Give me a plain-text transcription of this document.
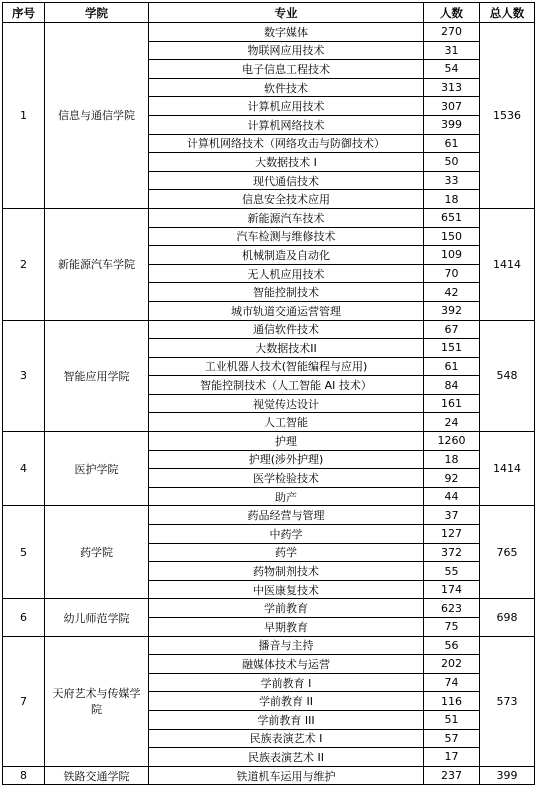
序号	学院	专业	人数	总人数
1	信息与通信学院	数字媒体	270	1536
		物联网应用技术	31	
		电子信息工程技术	54	
		软件技术	313	
		计算机应用技术	307	
		计算机网络技术	399	
		计算机网络技术（网络攻击与防御技术）	61	
		大数据技术 I	50	
		现代通信技术	33	
		信息安全技术应用	18	
2	新能源汽车学院	新能源汽车技术	651	1414
		汽车检测与维修技术	150	
		机械制造及自动化	109	
		无人机应用技术	70	
		智能控制技术	42	
		城市轨道交通运营管理	392	
3	智能应用学院	通信软件技术	67	548
		大数据技术II	151	
		工业机器人技术(智能编程与应用)	61	
		智能控制技术（人工智能 AI 技术）	84	
		视觉传达设计	161	
		人工智能	24	
4	医护学院	护理	1260	1414
		护理(涉外护理)	18	
		医学检验技术	92	
		助产	44	
5	药学院	药品经营与管理	37	765
		中药学	127	
		药学	372	
		药物制剂技术	55	
		中医康复技术	174	
6	幼儿师范学院	学前教育	623	698
		早期教育	75	
7	天府艺术与传媒学院	播音与主持	56	573
		融媒体技术与运营	202	
		学前教育 I	74	
		学前教育 II	116	
		学前教育 III	51	
		民族表演艺术 I	57	
		民族表演艺术 II	17	
8	铁路交通学院	铁道机车运用与维护	237	399
